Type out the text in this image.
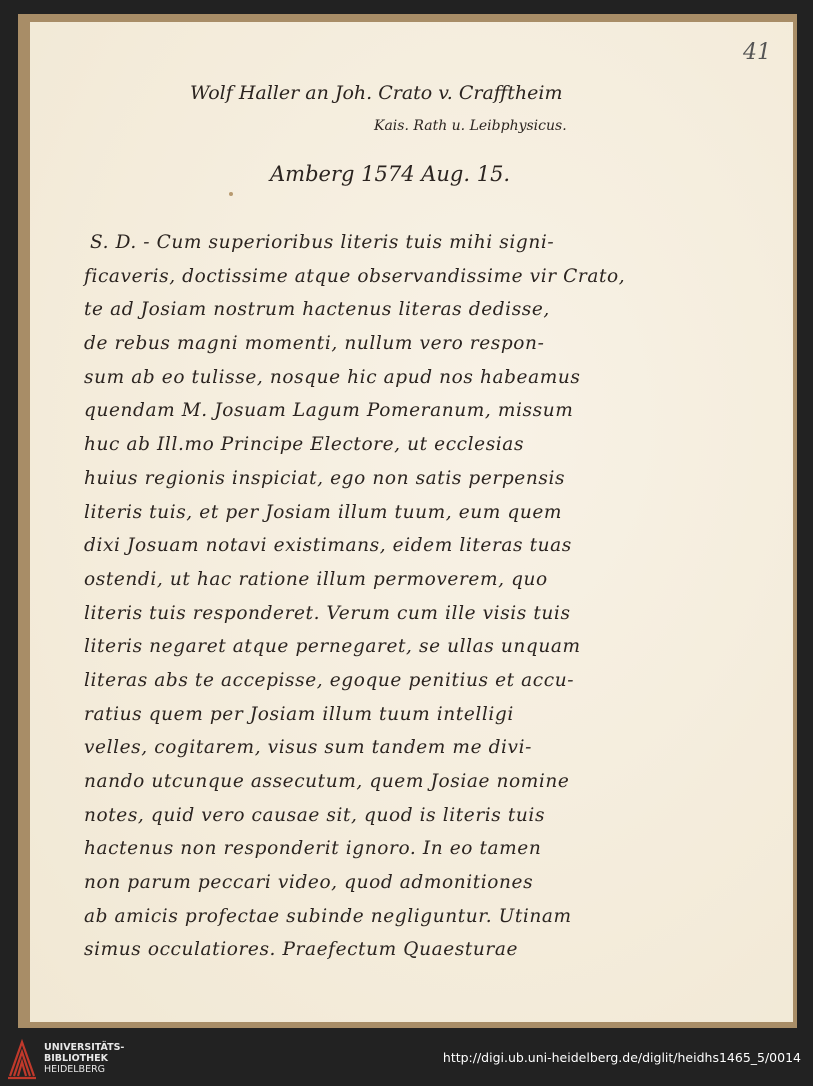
41
Wolf Haller an Joh. Crato v. Crafftheim
Kais. Rath u. Leibphysicus.
Amberg 1574 Aug. 15.
S. D. - Cum superioribus literis tuis mihi signi-
ficaveris, doctissime atque observandissime vir Crato,
te ad Josiam nostrum hactenus literas dedisse,
de rebus magni momenti, nullum vero respon-
sum ab eo tulisse, nosque hic apud nos habeamus
quendam M. Josuam Lagum Pomeranum, missum
huc ab Ill.mo Principe Electore, ut ecclesias
huius regionis inspiciat, ego non satis perpensis
literis tuis, et per Josiam illum tuum, eum quem
dixi Josuam notavi existimans, eidem literas tuas
ostendi, ut hac ratione illum permoverem, quo
literis tuis responderet. Verum cum ille visis tuis
literis negaret atque pernegaret, se ullas unquam
literas abs te accepisse, egoque penitius et accu-
ratius quem per Josiam illum tuum intelligi
velles, cogitarem, visus sum tandem me divi-
nando utcunque assecutum, quem Josiae nomine
notes, quid vero causae sit, quod is literis tuis
hactenus non responderit ignoro. In eo tamen
non parum peccari video, quod admonitiones
ab amicis profectae subinde negliguntur. Utinam
simus occulatiores. Praefectum Quaesturae
UNIVERSITÄTS-
BIBLIOTHEK
HEIDELBERG
http://digi.ub.uni-heidelberg.de/diglit/heidhs1465_5/0014
